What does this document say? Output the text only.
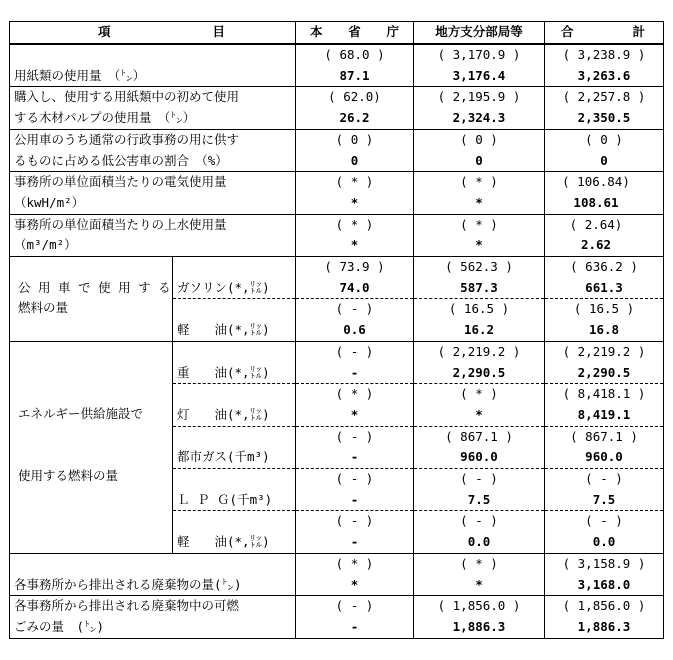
項 目		本 省 庁	地方支分部局等	合 計

		( 68.0 )	( 3,170.9 )	( 3,238.9 )
用紙類の使用量　（㌧）		87.1	3,176.4	3,263.6
購入し、使用する用紙類中の初めて使用		( 62.0)	( 2,195.9 )	( 2,257.8 )
する木材パルプの使用量　（㌧）		26.2	2,324.3	2,350.5
公用車のうち通常の行政事務の用に供す		( 0 )	( 0 )	( 0 )
るものに占める低公害車の割合　（%）		0	0	0
事務所の単位面積当たりの電気使用量		( * )	( * )	( 106.84)
（kwH/m²）		*	*	108.61
事務所の単位面積当たりの上水使用量		( * )	( * )	( 2.64)
（m³/m²）		*	*	2.62

公 用 車 で 使 用 す る
燃料の量		( 73.9 )	( 562.3 )	( 636.2 )
	ガソリン(*,㍑)	74.0	587.3	661.3
		( - )	( 16.5 )	( 16.5 )
	軽　　油(*,㍑)	0.6	16.2	16.8

エネルギー供給施設で
使用する燃料の量		( - )	( 2,219.2 )	( 2,219.2 )
	重　　油(*,㍑)	-	2,290.5	2,290.5
		( * )	( * )	( 8,418.1 )
	灯　　油(*,㍑)	*	*	8,419.1
		( - )	( 867.1 )	( 867.1 )
	都市ガス(千m³)	-	960.0	960.0
		( - )	( - )	( - )
	Ｌ Ｐ Ｇ(千m³)	-	7.5	7.5
		( - )	( - )	( - )
	軽　　油(*,㍑)	-	0.0	0.0
		( * )	( * )	( 3,158.9 )
各事務所から排出される廃棄物の量(㌧)		*	*	3,168.0
各事務所から排出される廃棄物中の可燃		( - )	( 1,856.0 )	( 1,856.0 )
ごみの量　(㌧)		-	1,886.3	1,886.3
